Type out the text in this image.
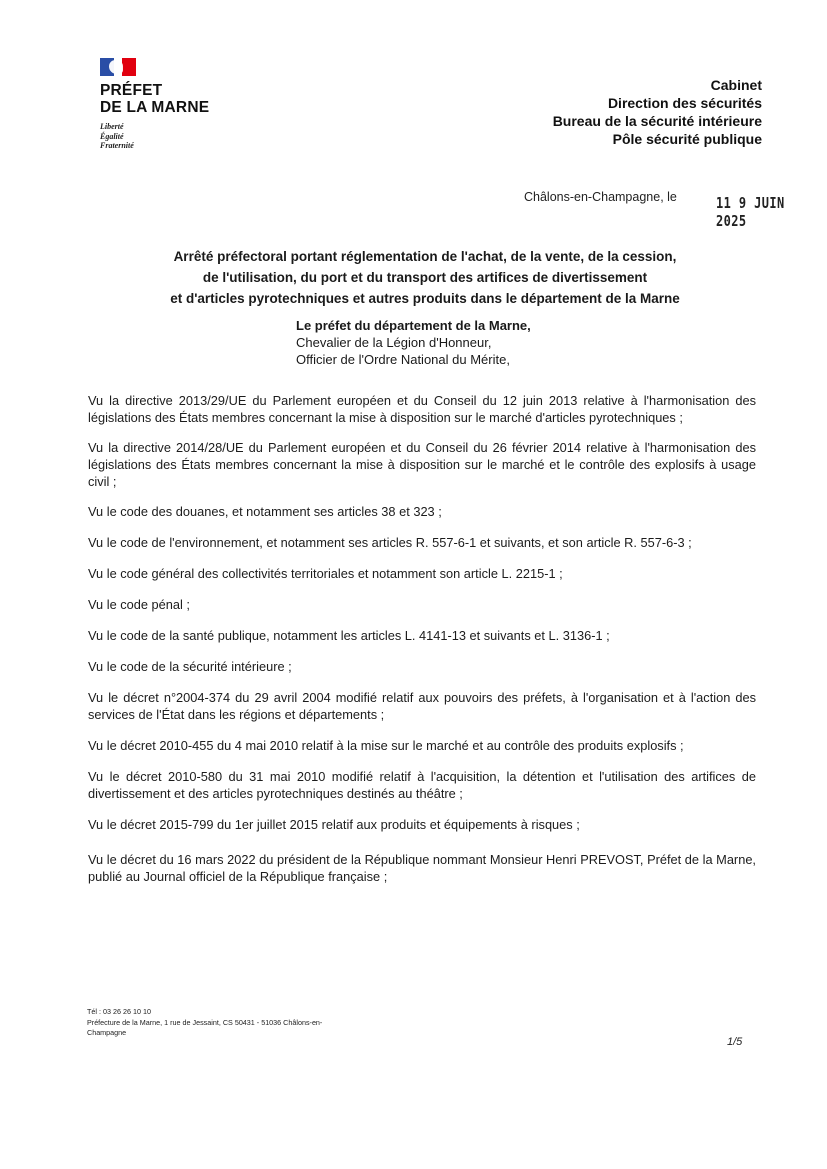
PRÉFET
DE LA MARNE
Liberté
Égalité
Fraternité
Cabinet
Direction des sécurités
Bureau de la sécurité intérieure
Pôle sécurité publique
Châlons-en-Champagne, le	11 9 JUIN 2025
Arrêté préfectoral portant réglementation de l'achat, de la vente, de la cession,
de l'utilisation, du port et du transport des artifices de divertissement
et d'articles pyrotechniques et autres produits dans le département de la Marne
Le préfet du département de la Marne,
Chevalier de la Légion d'Honneur,
Officier de l'Ordre National du Mérite,

Vu la directive 2013/29/UE du Parlement européen et du Conseil du 12 juin 2013 relative à l'harmonisation des législations des États membres concernant la mise à disposition sur le marché d'articles pyrotechniques ;

Vu la directive 2014/28/UE du Parlement européen et du Conseil du 26 février 2014 relative à l'harmonisation des législations des États membres concernant la mise à disposition sur le marché et le contrôle des explosifs à usage civil ;

Vu le code des douanes, et notamment ses articles 38 et 323 ;

Vu le code de l'environnement, et notamment ses articles R. 557-6-1 et suivants, et son article R. 557-6-3 ;

Vu le code général des collectivités territoriales et notamment son article L. 2215-1 ;

Vu le code pénal ;

Vu le code de la santé publique, notamment les articles L. 4141-13 et suivants et L. 3136-1 ;

Vu le code de la sécurité intérieure ;

Vu le décret n°2004-374 du 29 avril 2004 modifié relatif aux pouvoirs des préfets, à l'organisation et à l'action des services de l'État dans les régions et départements ;

Vu le décret 2010-455 du 4 mai 2010 relatif à la mise sur le marché et au contrôle des produits explosifs ;

Vu le décret 2010-580 du 31 mai 2010 modifié relatif à l'acquisition, la détention et l'utilisation des artifices de divertissement et des articles pyrotechniques destinés au théâtre ;

Vu le décret 2015-799 du 1er juillet 2015 relatif aux produits et équipements à risques ;

Vu le décret du 16 mars 2022 du président de la République nommant Monsieur Henri PREVOST, Préfet de la Marne, publié au Journal officiel de la République française ;

Tél : 03 26 26 10 10
Préfecture de la Marne, 1 rue de Jessaint, CS 50431 - 51036 Châlons-en-
Champagne
1/5
